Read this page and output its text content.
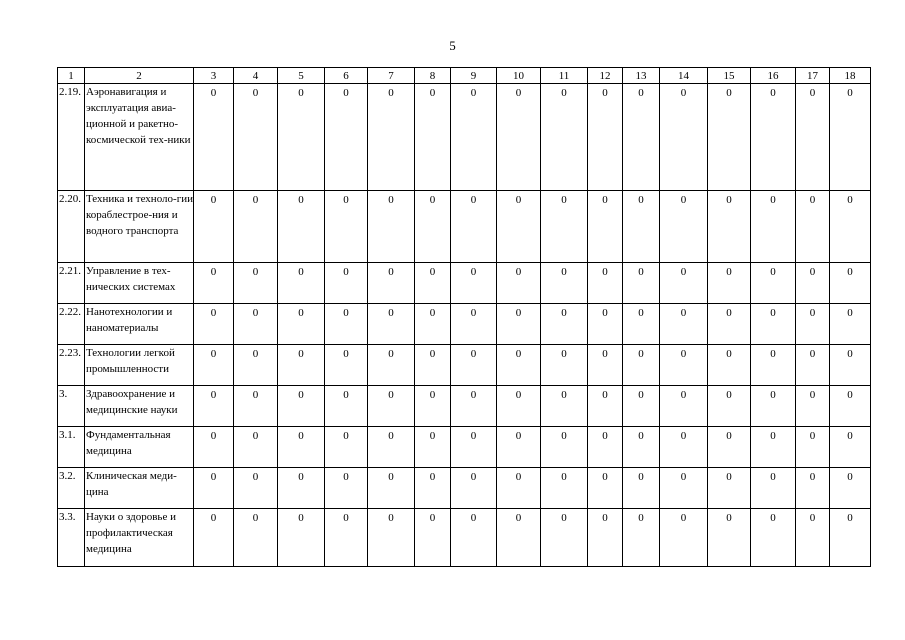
5
1	2	3	4	5	6	7	8	9	10	11	12	13	14	15	16	17	18
2.19.	Аэронавигация и эксплуатация авиа-ционной и ракетно-космической тех-ники	0	0	0	0	0	0	0	0	0	0	0	0	0	0	0	0
2.20.	Техника и техноло-гии кораблестрое-ния и водного транспорта	0	0	0	0	0	0	0	0	0	0	0	0	0	0	0	0
2.21.	Управление в тех-нических системах	0	0	0	0	0	0	0	0	0	0	0	0	0	0	0	0
2.22.	Нанотехнологии и наноматериалы	0	0	0	0	0	0	0	0	0	0	0	0	0	0	0	0
2.23.	Технологии легкой промышленности	0	0	0	0	0	0	0	0	0	0	0	0	0	0	0	0
3.	Здравоохранение и медицинские науки	0	0	0	0	0	0	0	0	0	0	0	0	0	0	0	0
3.1.	Фундаментальная медицина	0	0	0	0	0	0	0	0	0	0	0	0	0	0	0	0
3.2.	Клиническая меди-цина	0	0	0	0	0	0	0	0	0	0	0	0	0	0	0	0
3.3.	Науки о здоровье и профилактическая медицина	0	0	0	0	0	0	0	0	0	0	0	0	0	0	0	0
